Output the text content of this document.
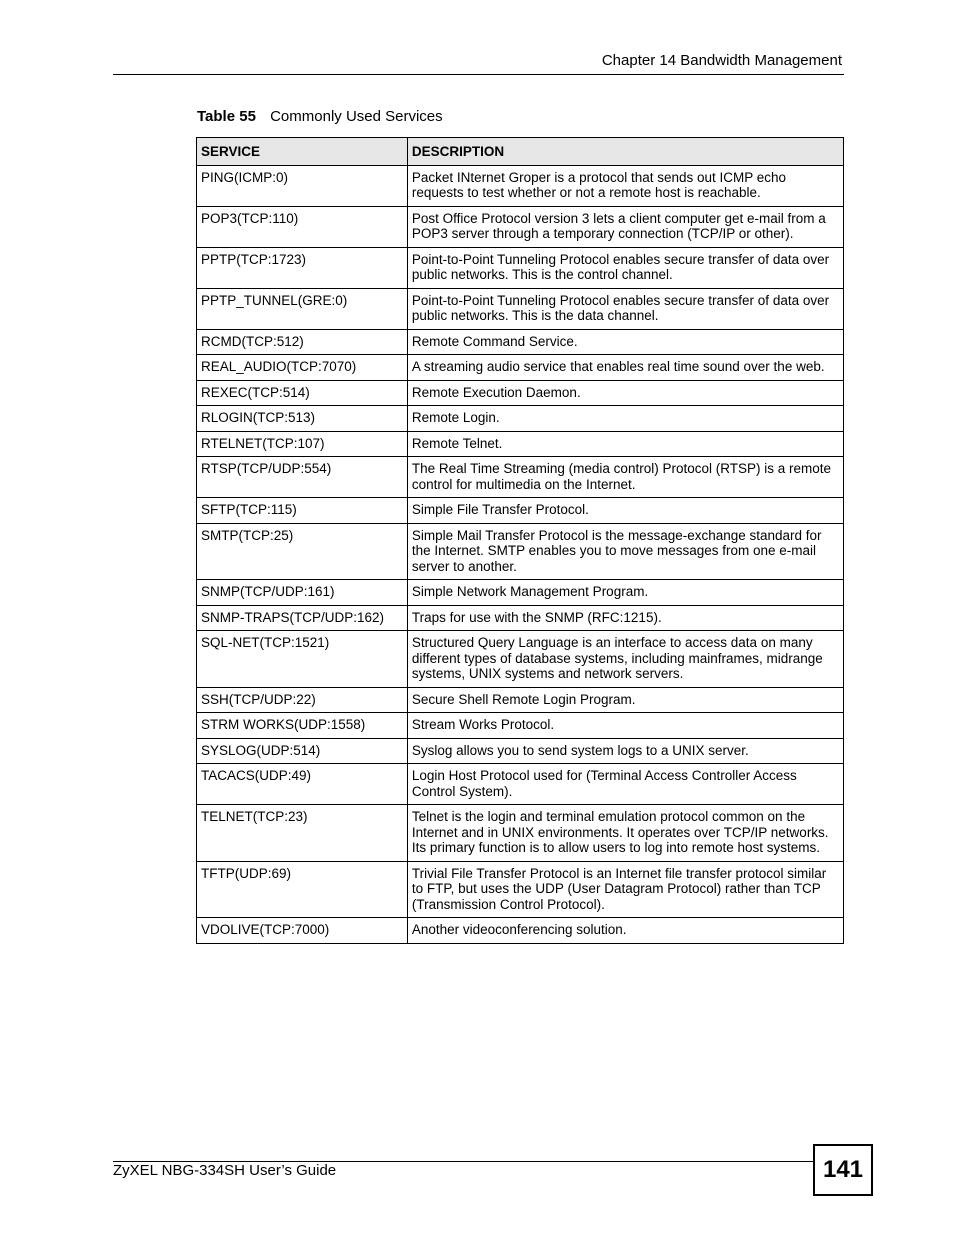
Chapter 14 Bandwidth Management
Table 55 Commonly Used Services
SERVICE	DESCRIPTION
PING(ICMP:0)	Packet INternet Groper is a protocol that sends out ICMP echo requests to test whether or not a remote host is reachable.
POP3(TCP:110)	Post Office Protocol version 3 lets a client computer get e-mail from a POP3 server through a temporary connection (TCP/IP or other).
PPTP(TCP:1723)	Point-to-Point Tunneling Protocol enables secure transfer of data over public networks. This is the control channel.
PPTP_TUNNEL(GRE:0)	Point-to-Point Tunneling Protocol enables secure transfer of data over public networks. This is the data channel.
RCMD(TCP:512)	Remote Command Service.
REAL_AUDIO(TCP:7070)	A streaming audio service that enables real time sound over the web.
REXEC(TCP:514)	Remote Execution Daemon.
RLOGIN(TCP:513)	Remote Login.
RTELNET(TCP:107)	Remote Telnet.
RTSP(TCP/UDP:554)	The Real Time Streaming (media control) Protocol (RTSP) is a remote control for multimedia on the Internet.
SFTP(TCP:115)	Simple File Transfer Protocol.
SMTP(TCP:25)	Simple Mail Transfer Protocol is the message-exchange standard for the Internet. SMTP enables you to move messages from one e-mail server to another.
SNMP(TCP/UDP:161)	Simple Network Management Program.
SNMP-TRAPS(TCP/UDP:162)	Traps for use with the SNMP (RFC:1215).
SQL-NET(TCP:1521)	Structured Query Language is an interface to access data on many different types of database systems, including mainframes, midrange systems, UNIX systems and network servers.
SSH(TCP/UDP:22)	Secure Shell Remote Login Program.
STRM WORKS(UDP:1558)	Stream Works Protocol.
SYSLOG(UDP:514)	Syslog allows you to send system logs to a UNIX server.
TACACS(UDP:49)	Login Host Protocol used for (Terminal Access Controller Access Control System).
TELNET(TCP:23)	Telnet is the login and terminal emulation protocol common on the Internet and in UNIX environments. It operates over TCP/IP networks. Its primary function is to allow users to log into remote host systems.
TFTP(UDP:69)	Trivial File Transfer Protocol is an Internet file transfer protocol similar to FTP, but uses the UDP (User Datagram Protocol) rather than TCP (Transmission Control Protocol).
VDOLIVE(TCP:7000)	Another videoconferencing solution.
ZyXEL NBG-334SH User’s Guide	141
